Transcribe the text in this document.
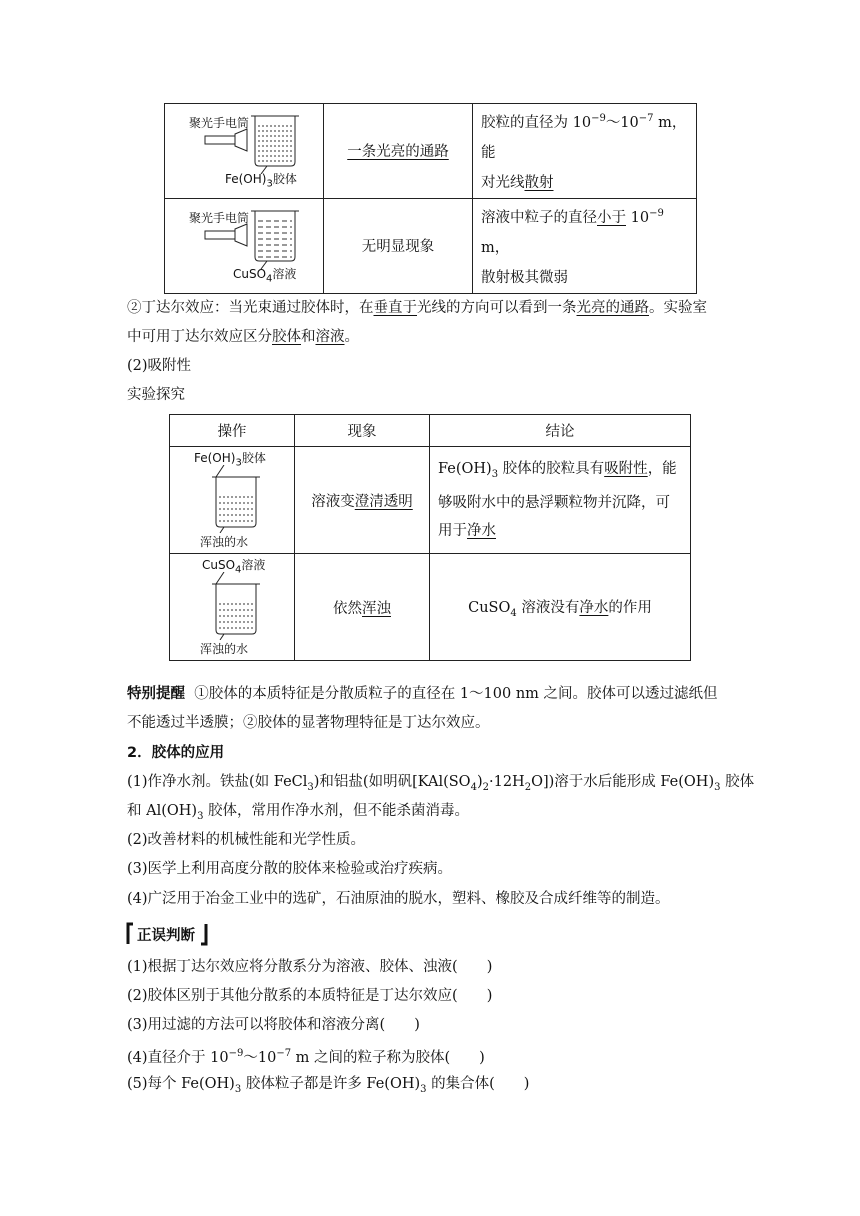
聚光手电筒
$Fe(OH)_3$胶体	一条光亮的通路	胶粒的直径为 $10^{-9}\sim 10^{-7}$ m，能
对光线散射

聚光手电筒
CuSO$_4$溶液	无明显现象	溶液中粒子的直径小于 $10^{-9}$ m，
散射极其微弱
②丁达尔效应：当光束通过胶体时，在垂直于光线的方向可以看到一条光亮的通路。实验室
中可用丁达尔效应区分胶体和溶液。
(2)吸附性
实验探究
操作	现象	结论

$Fe(OH)_3$胶体
浑浊的水	溶液变澄清透明	$Fe(OH)_3$ 胶体的胶粒具有吸附性，能
够吸附水中的悬浮颗粒物并沉降，可
用于净水

CuSO$_4$溶液
浑浊的水	依然浑浊	CuSO$_4$ 溶液没有净水的作用
特别提醒 ①胶体的本质特征是分散质粒子的直径在 1～100 nm 之间。胶体可以透过滤纸但
不能透过半透膜；②胶体的显著物理特征是丁达尔效应。
2．胶体的应用
(1)作净水剂。铁盐(如 FeCl$_3$)和铝盐(如明矾$[KAl(SO_4)_2\cdot 12H_2O]$)溶于水后能形成 $Fe(OH)_3$ 胶体
和 $Al(OH)_3$ 胶体，常用作净水剂，但不能杀菌消毒。
(2)改善材料的机械性能和光学性质。
(3)医学上利用高度分散的胶体来检验或治疗疾病。
(4)广泛用于冶金工业中的选矿，石油原油的脱水，塑料、橡胶及合成纤维等的制造。
正误判断
(1)根据丁达尔效应将分散系分为溶液、胶体、浊液(　　)
(2)胶体区别于其他分散系的本质特征是丁达尔效应(　　)
(3)用过滤的方法可以将胶体和溶液分离(　　)
(4)直径介于 $10^{-9}\sim 10^{-7}$ m 之间的粒子称为胶体(　　)
(5)每个 $Fe(OH)_3$ 胶体粒子都是许多 $Fe(OH)_3$ 的集合体(　　)
